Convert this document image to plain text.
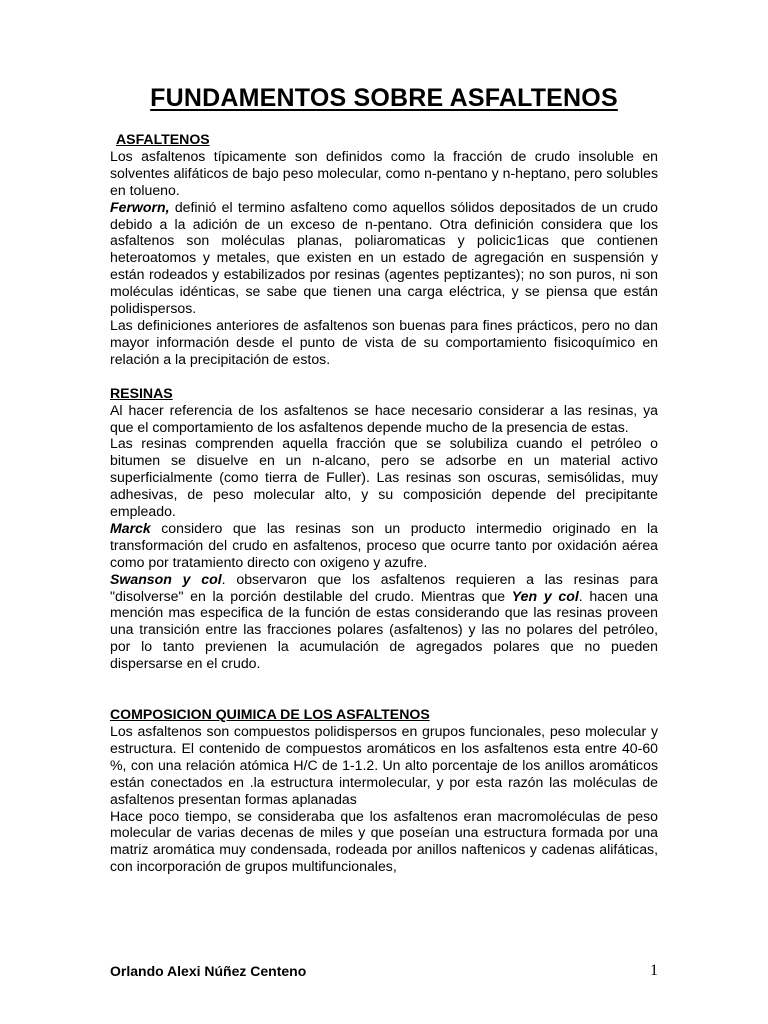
FUNDAMENTOS SOBRE ASFALTENOS

ASFALTENOS

Los asfaltenos típicamente son definidos como la fracción de crudo insoluble en solventes alifáticos de bajo peso molecular, como n-pentano y n-heptano, pero solubles en tolueno.

Ferworn, definió el termino asfalteno como aquellos sólidos depositados de un crudo debido a la adición de un exceso de n-pentano. Otra definición considera que los asfaltenos son moléculas planas, poliaromaticas y policic1icas que contienen heteroatomos y metales, que existen en un estado de agregación en suspensión y están rodeados y estabilizados por resinas (agentes peptizantes); no son puros, ni son moléculas idénticas, se sabe que tienen una carga eléctrica, y se piensa que están polidispersos.

Las definiciones anteriores de asfaltenos son buenas para fines prácticos, pero no dan mayor información desde el punto de vista de su comportamiento fisicoquímico en relación a la precipitación de estos.

RESINAS

Al hacer referencia de los asfaltenos se hace necesario considerar a las resinas, ya que el comportamiento de los asfaltenos depende mucho de la presencia de estas.

Las resinas comprenden aquella fracción que se solubiliza cuando el petróleo o bitumen se disuelve en un n-alcano, pero se adsorbe en un material activo superficialmente (como tierra de Fuller). Las resinas son oscuras, semisólidas, muy adhesivas, de peso molecular alto, y su composición depende del precipitante empleado.

Marck considero que las resinas son un producto intermedio originado en la transformación del crudo en asfaltenos, proceso que ocurre tanto por oxidación aérea como por tratamiento directo con oxigeno y azufre.

Swanson y col. observaron que los asfaltenos requieren a las resinas para "disolverse" en la porción destilable del crudo. Mientras que Yen y col. hacen una mención mas especifica de la función de estas considerando que las resinas proveen una transición entre las fracciones polares (asfaltenos) y las no polares del petróleo, por lo tanto previenen la acumulación de agregados polares que no pueden dispersarse en el crudo.

COMPOSICION QUIMICA DE LOS ASFALTENOS

Los asfaltenos son compuestos polidispersos en grupos funcionales, peso molecular y estructura. El contenido de compuestos aromáticos en los asfaltenos esta entre 40-60 %, con una relación atómica H/C de 1-1.2. Un alto porcentaje de los anillos aromáticos están conectados en .la estructura intermolecular, y por esta razón las moléculas de asfaltenos presentan formas aplanadas

Hace poco tiempo, se consideraba que los asfaltenos eran macromoléculas de peso molecular de varias decenas de miles y que poseían una estructura formada por una matriz aromática muy condensada, rodeada por anillos naftenicos y cadenas alifáticas, con incorporación de grupos multifuncionales,

Orlando Alexi Núñez Centeno	1
